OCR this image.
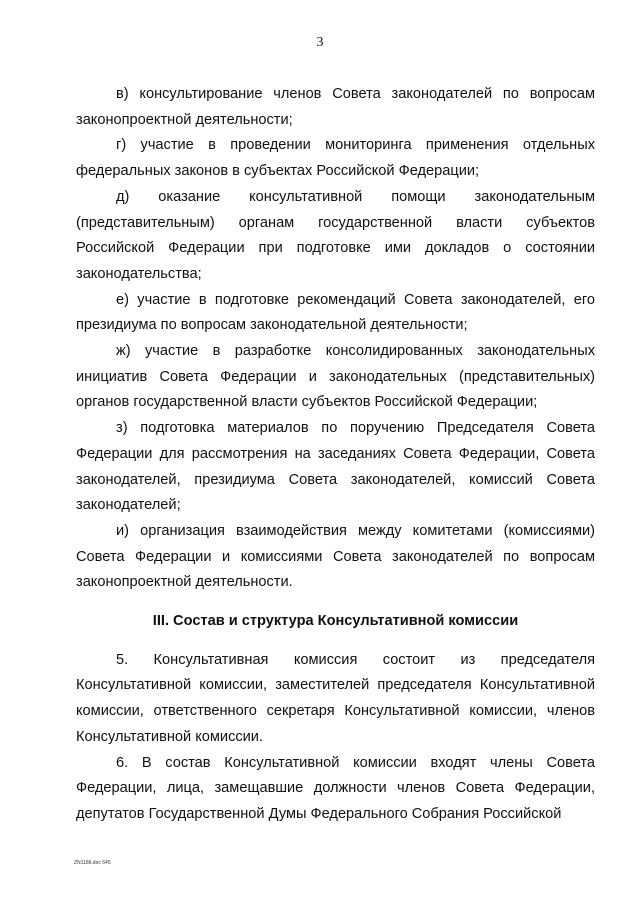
3

в) консультирование членов Совета законодателей по вопросам законопроектной деятельности;

г) участие в проведении мониторинга применения отдельных федеральных законов в субъектах Российской Федерации;

д) оказание консультативной помощи законодательным (представительным) органам государственной власти субъектов Российской Федерации при подготовке ими докладов о состоянии законодательства;

е) участие в подготовке рекомендаций Совета законодателей, его президиума по вопросам законодательной деятельности;

ж) участие в разработке консолидированных законодательных инициатив Совета Федерации и законодательных (представительных) органов государственной власти субъектов Российской Федерации;

з) подготовка материалов по поручению Председателя Совета Федерации для рассмотрения на заседаниях Совета Федерации, Совета законодателей, президиума Совета законодателей, комиссий Совета законодателей;

и) организация взаимодействия между комитетами (комиссиями) Совета Федерации и комиссиями Совета законодателей по вопросам законопроектной деятельности.

III. Состав и структура Консультативной комиссии

5. Консультативная комиссия состоит из председателя Консультативной комиссии, заместителей председателя Консультативной комиссии, ответственного секретаря Консультативной комиссии, членов Консультативной комиссии.

6. В состав Консультативной комиссии входят члены Совета Федерации, лица, замещавшие должности членов Совета Федерации, депутатов Государственной Думы Федерального Собрания Российской

ZN1186.doc 645
